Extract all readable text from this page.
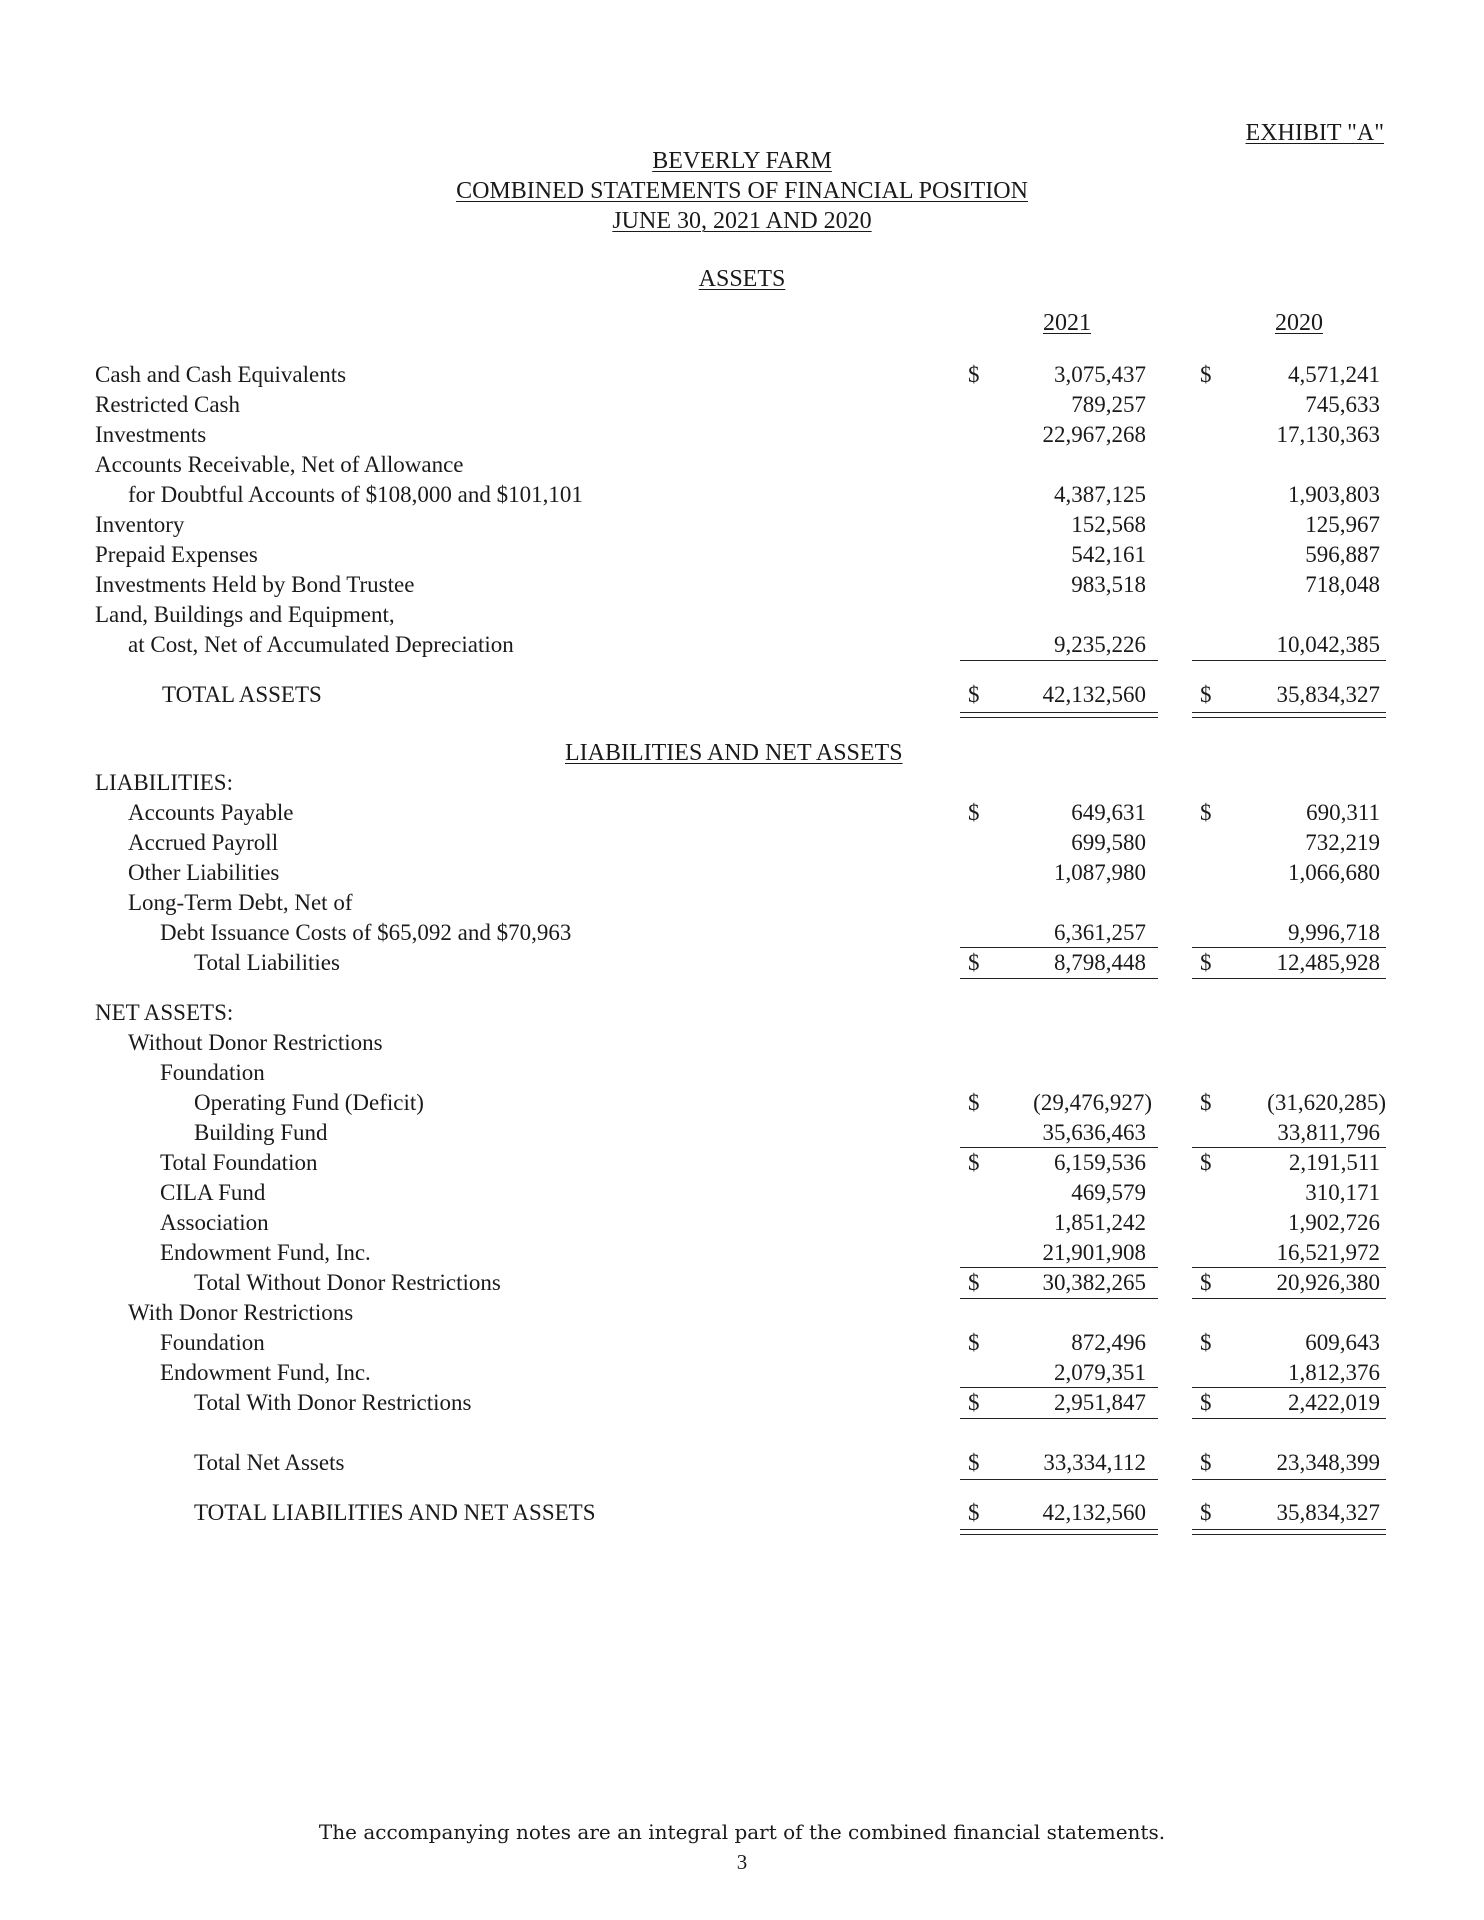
EXHIBIT "A"
BEVERLY FARM
COMBINED STATEMENTS OF FINANCIAL POSITION
JUNE 30, 2021 AND 2020
ASSETS
2021	2020
Cash and Cash Equivalents	$	3,075,437 $	4,571,241
Restricted Cash	789,257	745,633
Investments	22,967,268	17,130,363
Accounts Receivable, Net of Allowance
for Doubtful Accounts of $108,000 and $101,101	4,387,125	1,903,803
Inventory	152,568	125,967
Prepaid Expenses	542,161	596,887
Investments Held by Bond Trustee	983,518	718,048
Land, Buildings and Equipment,
at Cost, Net of Accumulated Depreciation	9,235,226	10,042,385
TOTAL ASSETS	$	42,132,560 $	35,834,327
LIABILITIES AND NET ASSETS
LIABILITIES:
Accounts Payable	$	649,631 $	690,311
Accrued Payroll	699,580	732,219
Other Liabilities	1,087,980	1,066,680
Long-Term Debt, Net of
Debt Issuance Costs of $65,092 and $70,963	6,361,257	9,996,718
Total Liabilities	$	8,798,448 $	12,485,928
NET ASSETS:
Without Donor Restrictions
Foundation
Operating Fund (Deficit)	$ (29,476,927) $ (31,620,285)
Building Fund	35,636,463	33,811,796
Total Foundation	$	6,159,536 $	2,191,511
CILA Fund	469,579	310,171
Association	1,851,242	1,902,726
Endowment Fund, Inc.	21,901,908	16,521,972
Total Without Donor Restrictions	$	30,382,265 $	20,926,380
With Donor Restrictions
Foundation	$	872,496 $	609,643
Endowment Fund, Inc.	2,079,351	1,812,376
Total With Donor Restrictions	$	2,951,847 $	2,422,019
Total Net Assets	$	33,334,112 $	23,348,399
TOTAL LIABILITIES AND NET ASSETS	$	42,132,560 $	35,834,327
The accompanying notes are an integral part of the combined financial statements.
3
